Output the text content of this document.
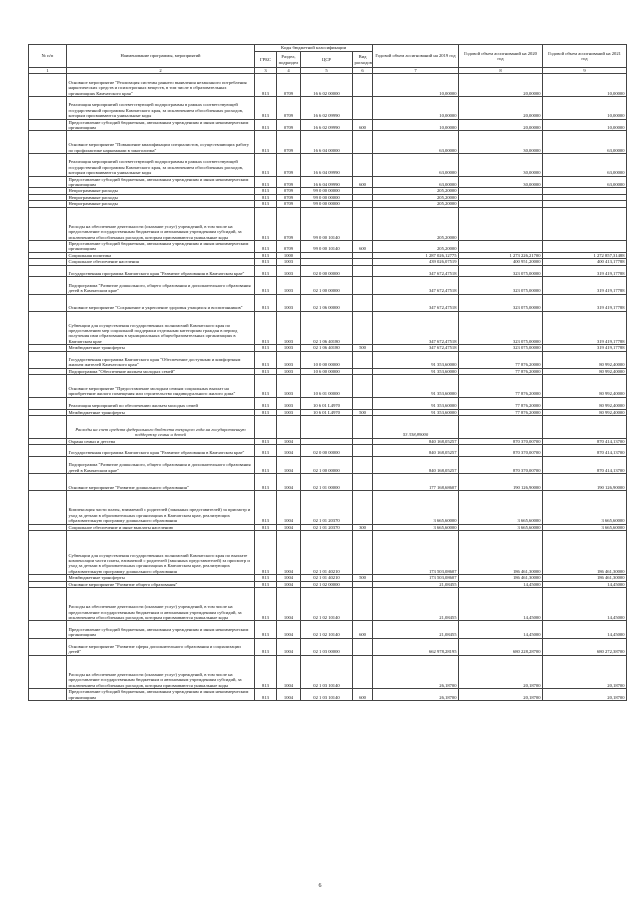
№ п/п	Наименование программы, мероприятий	Коды бюджетной классификации				Годовой объем ассигнований на 2019 год	Годовой объем ассигнований на 2020 год	Годовой объем ассигнований на 2021 год
		ГРБС	Раздел, подраздел	ЦСР	Вид расходов			
1	2	3	4	5	6	7	8	9
	Основное мероприятие "Реализация системы раннего выявления незаконного потребления наркотических средств и психотропных веществ, в том числе в образовательных организациях Камчатского края"	813	0709	16 6 02 00000		10,00000	20,00000	10,00000
	Реализация мероприятий соответствующей подпрограммы в рамках соответствующей государственной программы Камчатского края, за исключением обособленных расходов, которым присваиваются уникальные коды	813	0709	16 6 02 09990		10,00000	20,00000	10,00000
	Предоставление субсидий бюджетным, автономным учреждениям и иным некоммерческим организациям	813	0709	16 6 02 09990	600	10,00000	20,00000	10,00000
	Основное мероприятие "Повышение квалификации специалистов, осуществляющих работу по профилактике наркомании в закоголизма"	813	0709	16 6 04 00000		63,00000	30,00000	63,00000
	Реализация мероприятий соответствующей подпрограммы в рамках соответствующей государственной программы Камчатского края, за исключением обособленных расходов, которым присваиваются уникальные коды	813	0709	16 6 04 09990		63,00000	30,00000	63,00000
	Предоставление субсидий бюджетным, автономным учреждениям и иным некоммерческим организациям	813	0709	16 6 04 09990	600	63,00000	30,00000	63,00000
	Непрограммные расходы	813	0709	99 0 00 00000		205,20000		
	Непрограммные расходы	813	0709	99 0 00 00000		205,20000		
	Непрограммные расходы	813	0709	99 0 00 00000		205,20000		
	Расходы на обеспечение деятельности (оказание услуг) учреждений, в том числе на предоставление государственным бюджетным и автономным учреждениям субсидий, за исключением обособленных расходов, которым присваиваются уникальные коды	813	0709	99 0 00 10140		205,20000		
	Предоставление субсидий бюджетным, автономным учреждениям и иным некоммерческим организациям	813	0709	99 0 00 10140	600	205,20000		
	Социальная политика	813	1000			1 287 026,12775	1 273 226,21700	1 272 857,31488
	Социальное обеспечение населения	813	1003			439 026,07519	400 951,20000	400 413,17788
	Государственная программа Камчатского края "Развитие образования в Камчатском крае"	813	1003	02 0 00 00000		347 672,47518	323 075,00000	319 419,17788
	Подпрограмма "Развитие дошкольного, общего образования и дополнительного образования детей в Камчатском крае"	813	1003	02 1 00 00000		347 672,47518	323 075,00000	319 419,17788
	Основное мероприятие "Сохранение и укрепление здоровья учащихся и воспитанников"	813	1003	02 1 06 00000		347 672,47518	323 075,00000	319 419,17788
	Субвенции для осуществления государственных полномочий Камчатского края по предоставлению мер социальной поддержки отдельным категориям граждан в период получения ими образования в муниципальных общеобразовательных организациях в Камчатском крае	813	1003	02 1 06 40180		347 672,47518	323 075,00000	319 419,17788
	Межбюджетные трансферты	813	1003	02 1 06 40180	500	347 672,47518	323 075,00000	319 419,17788
	Государственная программа Камчатского края "Обеспечение доступным и комфортным жильем жителей Камчатского края"	813	1003	10 0 00 00000		91 353,60000	77 876,20000	80 992,40000
	Подпрограмма "Обеспечение жильем молодых семей"	813	1003	10 6 00 00000		91 353,60000	77 876,20000	80 992,40000
	Основное мероприятие "Предоставление молодым семьям социальных выплат на приобретение жилого помещения или строительство индивидуального жилого дома"	813	1003	10 6 01 00000		91 353,60000	77 876,20000	80 992,40000
	Реализация мероприятий по обеспечению жильем молодых семей	813	1003	10 6 01 L4970		91 353,60000	77 876,20000	80 992,40000
	Межбюджетные трансферты	813	1003	10 6 01 L4970	500	91 353,60000	77 876,20000	80 992,40000
	Расходы на счет средств федерального бюджета текущего года на государственную поддержку семьи и детей					53 338,89000		
	Охрана семьи и детства	813	1004			840 168,05257	870 370,00700	870 414,13700
	Государственная программа Камчатского края "Развитие образования в Камчатском крае"	813	1004	02 0 00 00000		840 168,05257	870 370,00700	870 414,13700
	Подпрограмма "Развитие дошкольного, общего образования и дополнительного образования детей в Камчатском крае"	813	1004	02 1 00 00000		840 168,05257	870 370,00700	870 414,13700
	Основное мероприятие "Развитие дошкольного образования"	813	1004	02 1 01 00000		177 168,68607	190 126,90000	190 126,90000
	Компенсация части платы, взимаемой с родителей (законных представителей) за присмотр и уход за детьми в образовательных организациях в Камчатском крае, реализующих образовательную программу дошкольного образования	813	1004	02 1 01 20370		3 665,60000	3 665,60000	3 665,60000
	Социальное обеспечение и иные выплаты населению	813	1004	02 1 01 20370	300	3 665,60000	3 665,60000	3 665,60000
	Субвенции для осуществления государственных полномочий Камчатского края по выплате компенсации части платы, взимаемой с родителей (законных представителей) за присмотр и уход за детьми в образовательных организациях в Камчатском крае, реализующих образовательную программу дошкольного образования	813	1004	02 1 01 40210		173 503,08607	186 461,30000	186 461,30000
	Межбюджетные трансферты	813	1004	02 1 01 40210	500	173 503,08607	186 461,30000	186 461,30000
	Основное мероприятие "Развитие общего образования"	813	1004	02 1 02 00000		21,08455	14,45000	14,45000
	Расходы на обеспечение деятельности (оказание услуг) учреждений, в том числе на предоставление государственным бюджетным и автономным учреждениям субсидий, за исключением обособленных расходов, которым присваиваются уникальные коды	813	1004	02 1 02 10140		21,08455	14,45000	14,45000
	Предоставление субсидий бюджетным, автономным учреждениям и иным некоммерческим организациям	813	1004	02 1 02 10140	600	21,08455	14,45000	14,45000
	Основное мероприятие "Развитие сферы дополнительного образования и социализации детей"	813	1004	02 1 03 00000		662 978,28195	680 228,28700	680 272,38700
	Расходы на обеспечение деятельности (оказание услуг) учреждений, в том числе на предоставление государственным бюджетным и автономным учреждениям субсидий, за исключением обособленных расходов, которым присваиваются уникальные коды	813	1004	02 1 03 10140		26,18700	20,18700	20,18700
	Предоставление субсидий бюджетным, автономным учреждениям и иным некоммерческим организациям	813	1004	02 1 03 10140	600	26,18700	20,18700	20,18700
6
